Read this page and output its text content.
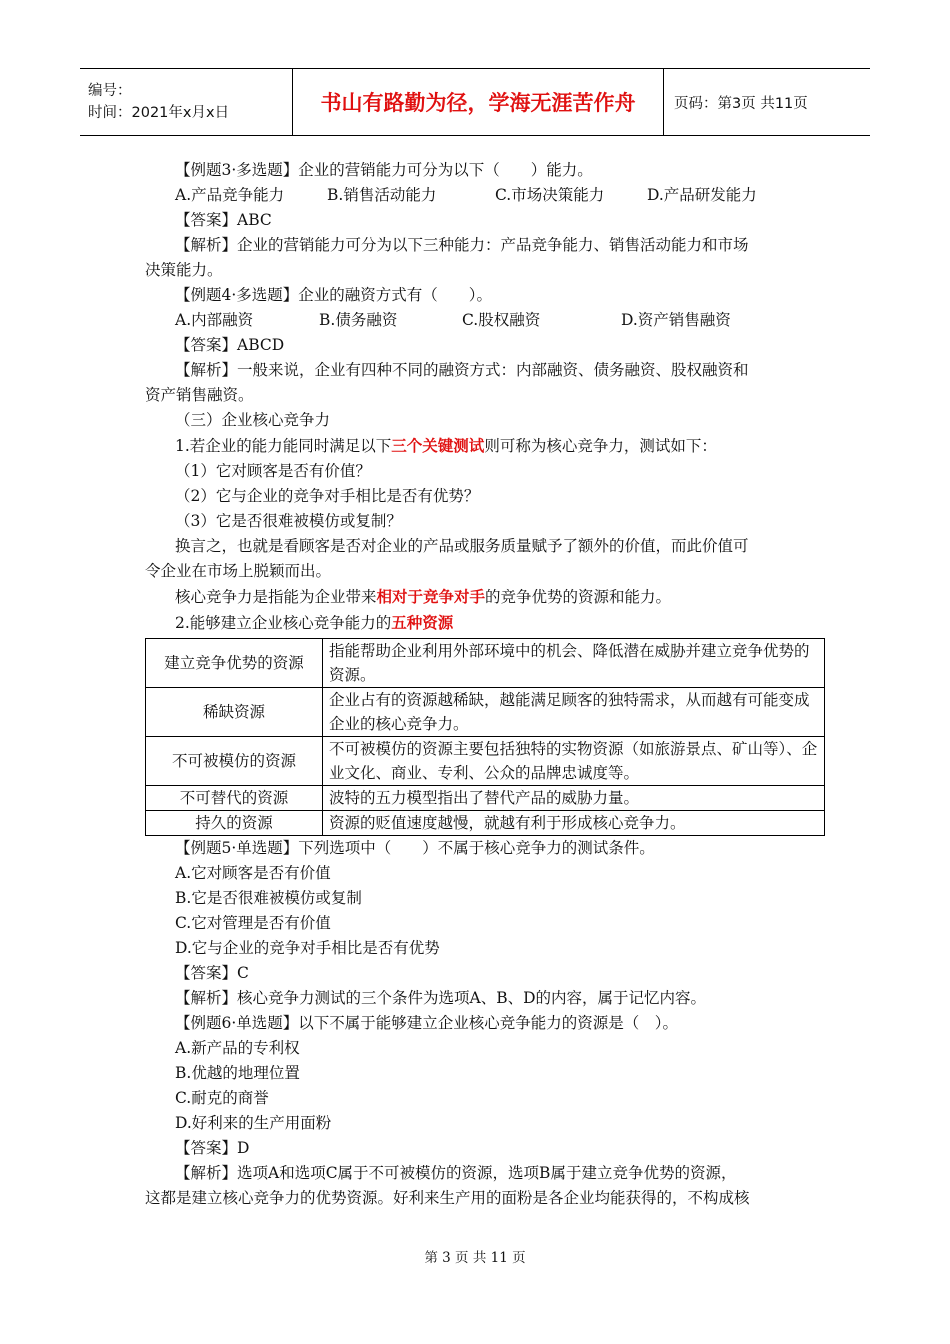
编号：
时间：2021年x月x日	书山有路勤为径，学海无涯苦作舟	页码：第3页 共11页

【例题3·多选题】企业的营销能力可分为以下（　　）能力。

A.产品竞争能力	B.销售活动能力	C.市场决策能力	D.产品研发能力

【答案】ABC

【解析】企业的营销能力可分为以下三种能力：产品竞争能力、销售活动能力和市场

决策能力。

【例题4·多选题】企业的融资方式有（　　）。

A.内部融资	B.债务融资	C.股权融资	D.资产销售融资

【答案】ABCD

【解析】一般来说，企业有四种不同的融资方式：内部融资、债务融资、股权融资和

资产销售融资。

（三）企业核心竞争力

1.若企业的能力能同时满足以下三个关键测试则可称为核心竞争力，测试如下：

（1）它对顾客是否有价值？

（2）它与企业的竞争对手相比是否有优势？

（3）它是否很难被模仿或复制？

换言之，也就是看顾客是否对企业的产品或服务质量赋予了额外的价值，而此价值可

令企业在市场上脱颖而出。

核心竞争力是指能为企业带来相对于竞争对手的竞争优势的资源和能力。

2.能够建立企业核心竞争能力的五种资源

建立竞争优势的资源	指能帮助企业利用外部环境中的机会、降低潜在威胁并建立竞争优势的资源。
稀缺资源	企业占有的资源越稀缺，越能满足顾客的独特需求，从而越有可能变成企业的核心竞争力。
不可被模仿的资源	不可被模仿的资源主要包括独特的实物资源（如旅游景点、矿山等）、企业文化、商业、专利、公众的品牌忠诚度等。
不可替代的资源	波特的五力模型指出了替代产品的威胁力量。
持久的资源	资源的贬值速度越慢，就越有利于形成核心竞争力。

【例题5·单选题】下列选项中（　　）不属于核心竞争力的测试条件。

A.它对顾客是否有价值

B.它是否很难被模仿或复制

C.它对管理是否有价值

D.它与企业的竞争对手相比是否有优势

【答案】C

【解析】核心竞争力测试的三个条件为选项A、B、D的内容，属于记忆内容。

【例题6·单选题】以下不属于能够建立企业核心竞争能力的资源是（　）。

A.新产品的专利权

B.优越的地理位置

C.耐克的商誉

D.好利来的生产用面粉

【答案】D

【解析】选项A和选项C属于不可被模仿的资源，选项B属于建立竞争优势的资源，

这都是建立核心竞争力的优势资源。好利来生产用的面粉是各企业均能获得的，不构成核

第 3 页 共 11 页
